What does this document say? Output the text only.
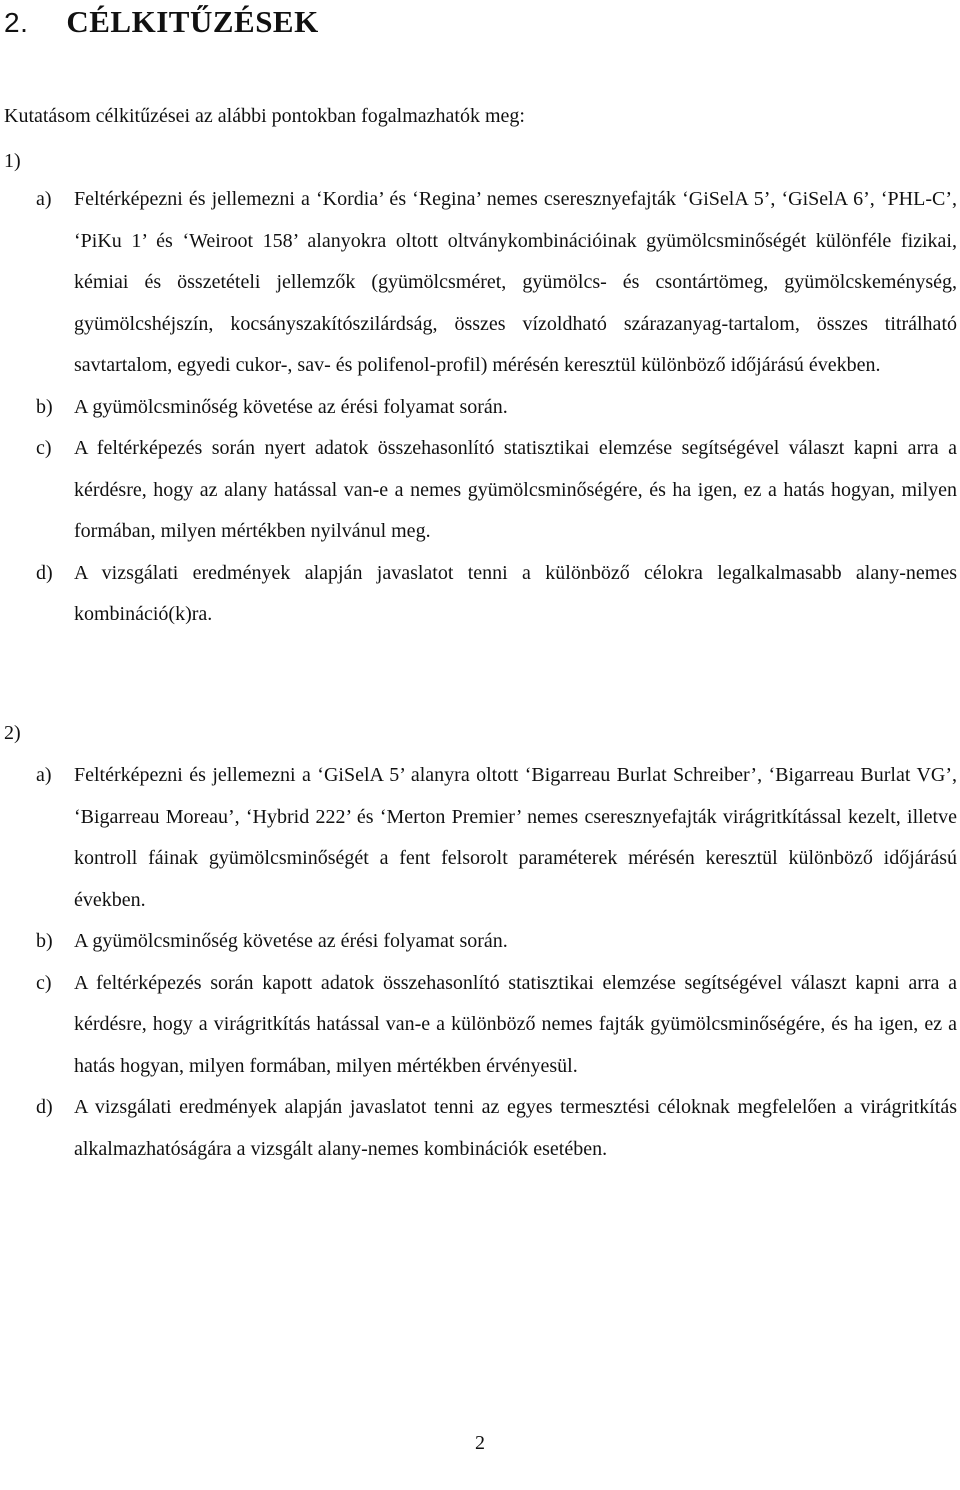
2. CÉLKITŰZÉSEK

Kutatásom célkitűzései az alábbi pontokban fogalmazhatók meg:

1)

a) Feltérképezni és jellemezni a ‘Kordia’ és ‘Regina’ nemes cseresznyefajták ‘GiSelA 5’, ‘GiSelA 6’, ‘PHL-C’, ‘PiKu 1’ és ‘Weiroot 158’ alanyokra oltott oltványkombinációinak gyümölcsminőségét különféle fizikai, kémiai és összetételi jellemzők (gyümölcsméret, gyümölcs- és csontártömeg, gyümölcskeménység, gyümölcshéjszín, kocsányszakítószilárdság, összes vízoldható szárazanyag-tartalom, összes titrálható savtartalom, egyedi cukor-, sav- és polifenol-profil) mérésén keresztül különböző időjárású években.
b) A gyümölcsminőség követése az érési folyamat során.
c) A feltérképezés során nyert adatok összehasonlító statisztikai elemzése segítségével választ kapni arra a kérdésre, hogy az alany hatással van-e a nemes gyümölcsminőségére, és ha igen, ez a hatás hogyan, milyen formában, milyen mértékben nyilvánul meg.
d) A vizsgálati eredmények alapján javaslatot tenni a különböző célokra legalkalmasabb alany-nemes kombináció(k)ra.

2)

a) Feltérképezni és jellemezni a ‘GiSelA 5’ alanyra oltott ‘Bigarreau Burlat Schreiber’, ‘Bigarreau Burlat VG’, ‘Bigarreau Moreau’, ‘Hybrid 222’ és ‘Merton Premier’ nemes cseresznyefajták virágritkítással kezelt, illetve kontroll fáinak gyümölcsminőségét a fent felsorolt paraméterek mérésén keresztül különböző időjárású években.
b) A gyümölcsminőség követése az érési folyamat során.
c) A feltérképezés során kapott adatok összehasonlító statisztikai elemzése segítségével választ kapni arra a kérdésre, hogy a virágritkítás hatással van-e a különböző nemes fajták gyümölcsminőségére, és ha igen, ez a hatás hogyan, milyen formában, milyen mértékben érvényesül.
d) A vizsgálati eredmények alapján javaslatot tenni az egyes termesztési céloknak megfelelően a virágritkítás alkalmazhatóságára a vizsgált alany-nemes kombinációk esetében.

2
